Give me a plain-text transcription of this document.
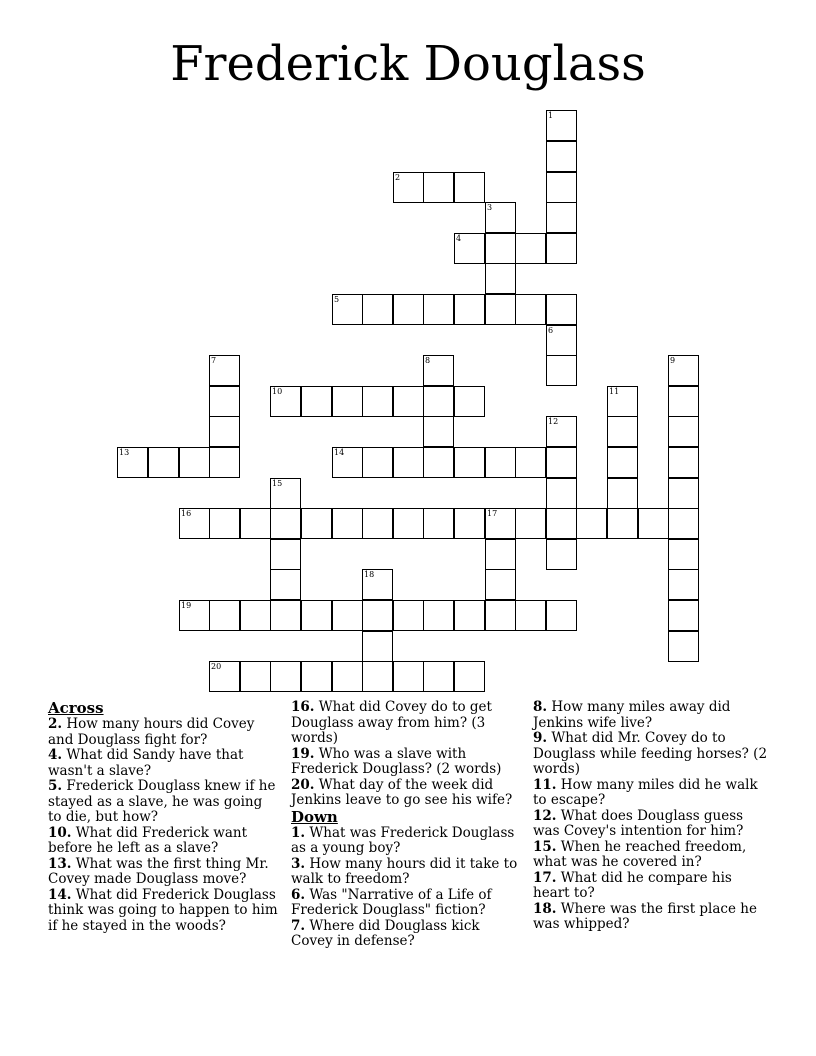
Frederick Douglass
1
2
3
4
5
6
7	8	9
10	11
12
13	14
15
16	17
18
19
20
Across
2. How many hours did Covey and Douglass fight for?
4. What did Sandy have that wasn't a slave?
5. Frederick Douglass knew if he stayed as a slave, he was going to die, but how?
10. What did Frederick want before he left as a slave?
13. What was the first thing Mr. Covey made Douglass move?
14. What did Frederick Douglass think was going to happen to him if he stayed in the woods?
16. What did Covey do to get Douglass away from him? (3 words)
19. Who was a slave with Frederick Douglass? (2 words)
20. What day of the week did Jenkins leave to go see his wife?
Down
1. What was Frederick Douglass as a young boy?
3. How many hours did it take to walk to freedom?
6. Was "Narrative of a Life of Frederick Douglass" fiction?
7. Where did Douglass kick Covey in defense?
8. How many miles away did Jenkins wife live?
9. What did Mr. Covey do to Douglass while feeding horses? (2 words)
11. How many miles did he walk to escape?
12. What does Douglass guess was Covey's intention for him?
15. When he reached freedom, what was he covered in?
17. What did he compare his heart to?
18. Where was the first place he was whipped?
